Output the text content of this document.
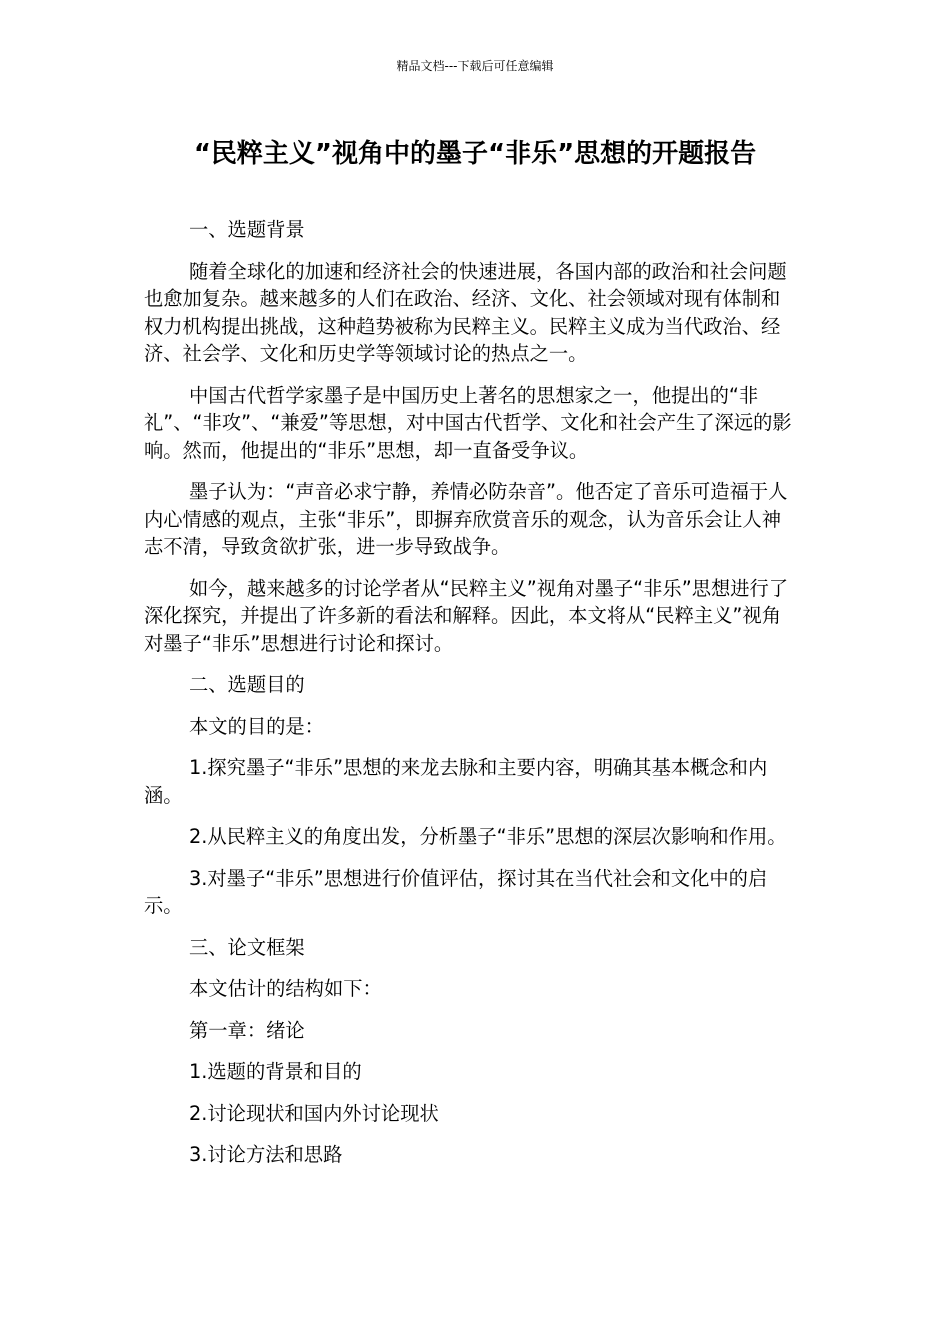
精品文档---下载后可任意编辑
“民粹主义”视角中的墨子“非乐”思想的开题报告

一、选题背景

随着全球化的加速和经济社会的快速进展，各国内部的政治和社会问题也愈加复杂。越来越多的人们在政治、经济、文化、社会领域对现有体制和权力机构提出挑战，这种趋势被称为民粹主义。民粹主义成为当代政治、经济、社会学、文化和历史学等领域讨论的热点之一。

中国古代哲学家墨子是中国历史上著名的思想家之一，他提出的“非礼”、“非攻”、“兼爱”等思想，对中国古代哲学、文化和社会产生了深远的影响。然而，他提出的“非乐”思想，却一直备受争议。

墨子认为：“声音必求宁静，养情必防杂音”。他否定了音乐可造福于人内心情感的观点，主张“非乐”，即摒弃欣赏音乐的观念，认为音乐会让人神志不清，导致贪欲扩张，进一步导致战争。

如今，越来越多的讨论学者从“民粹主义”视角对墨子“非乐”思想进行了深化探究，并提出了许多新的看法和解释。因此，本文将从“民粹主义”视角对墨子“非乐”思想进行讨论和探讨。

二、选题目的

本文的目的是：

1.探究墨子“非乐”思想的来龙去脉和主要内容，明确其基本概念和内涵。

2.从民粹主义的角度出发，分析墨子“非乐”思想的深层次影响和作用。

3.对墨子“非乐”思想进行价值评估，探讨其在当代社会和文化中的启示。

三、论文框架

本文估计的结构如下：

第一章：绪论

1.选题的背景和目的

2.讨论现状和国内外讨论现状

3.讨论方法和思路
